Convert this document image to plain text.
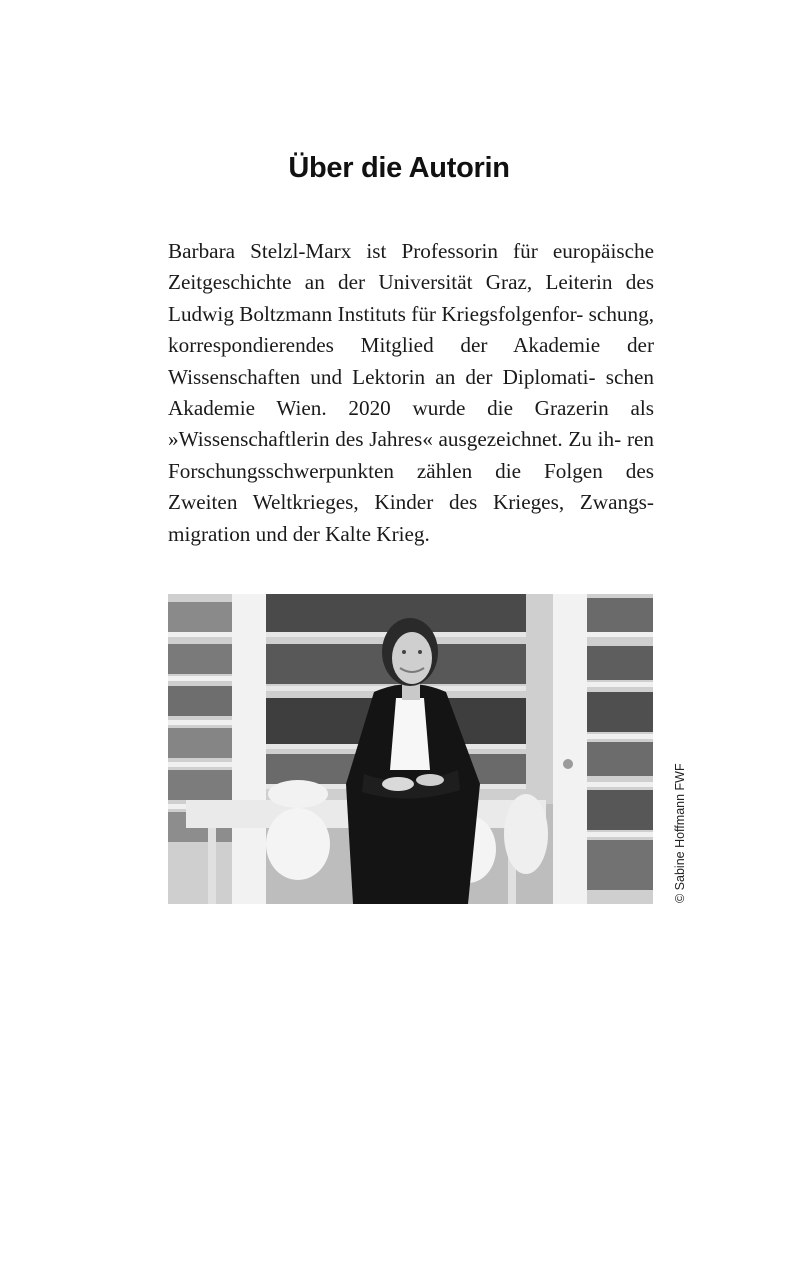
Über die Autorin

Barbara Stelzl-Marx ist Professorin für europäische Zeitgeschichte an der Universität Graz, Leiterin des Ludwig Boltzmann Instituts für Kriegsfolgenfor- schung, korrespondierendes Mitglied der Akademie der Wissenschaften und Lektorin an der Diplomati- schen Akademie Wien. 2020 wurde die Grazerin als »Wissenschaftlerin des Jahres« ausgezeichnet. Zu ih- ren Forschungsschwerpunkten zählen die Folgen des Zweiten Weltkrieges, Kinder des Krieges, Zwangs- migration und der Kalte Krieg.

© Sabine Hoffmann FWF
